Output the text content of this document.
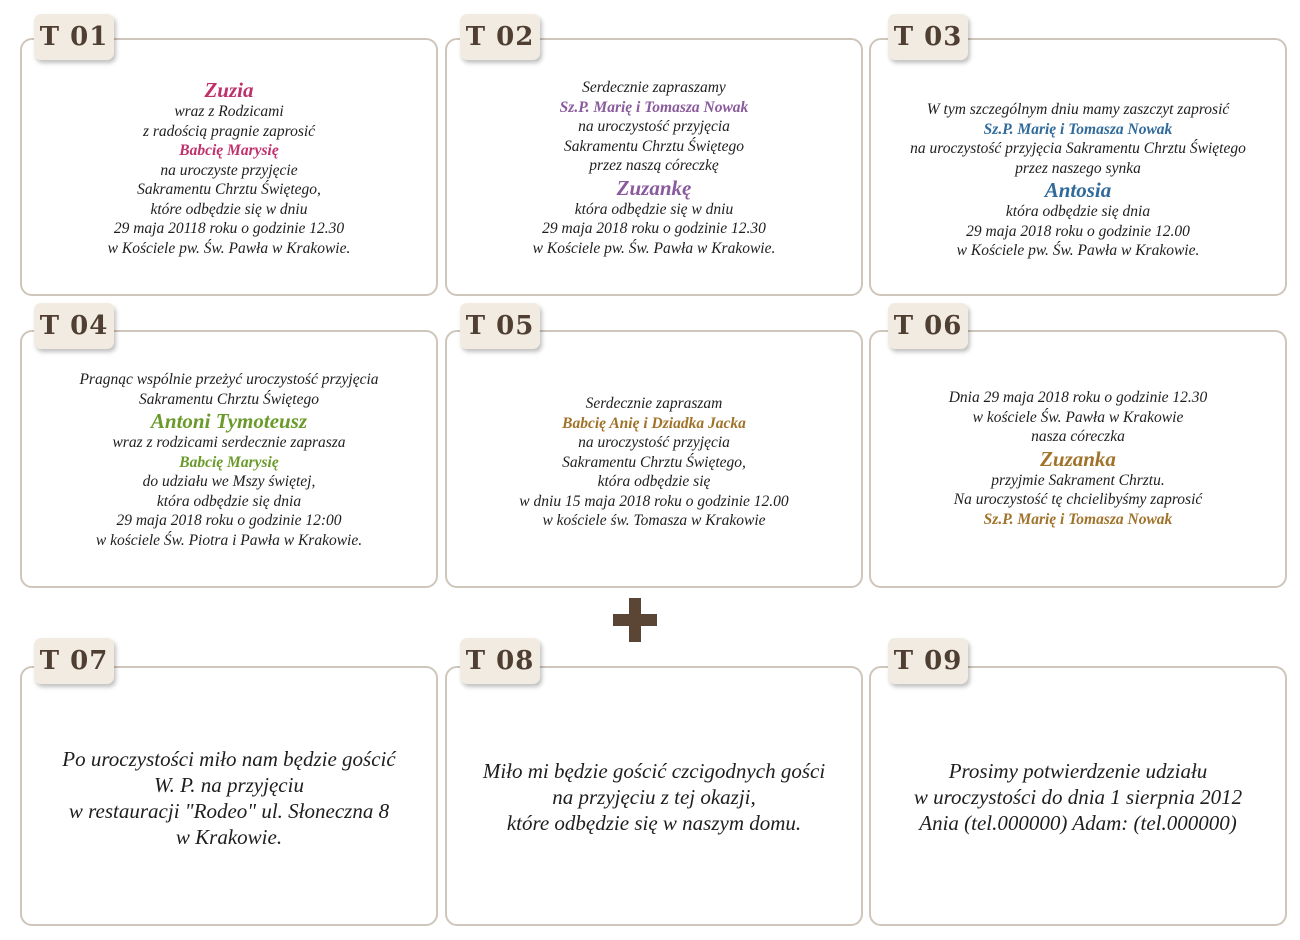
Zuzia
wraz z Rodzicami
z radością pragnie zaprosić
Babcię Marysię
na uroczyste przyjęcie
Sakramentu Chrztu Świętego,
które odbędzie się w dniu
29 maja 20118 roku o godzinie 12.30
w Kościele pw. Św. Pawła w Krakowie.
T 01
Serdecznie zapraszamy
Sz.P. Marię i Tomasza Nowak
na uroczystość przyjęcia
Sakramentu Chrztu Świętego
przez naszą córeczkę
Zuzankę
która odbędzie się w dniu
29 maja 2018 roku o godzinie 12.30
w Kościele pw. Św. Pawła w Krakowie.
T 02
W tym szczególnym dniu mamy zaszczyt zaprosić
Sz.P. Marię i Tomasza Nowak
na uroczystość przyjęcia Sakramentu Chrztu Świętego
przez naszego synka
Antosia
która odbędzie się dnia
29 maja 2018 roku o godzinie 12.00
w Kościele pw. Św. Pawła w Krakowie.
T 03
Pragnąc wspólnie przeżyć uroczystość przyjęcia
Sakramentu Chrztu Świętego
Antoni Tymoteusz
wraz z rodzicami serdecznie zaprasza
Babcię Marysię
do udziału we Mszy świętej,
która odbędzie się dnia
29 maja 2018 roku o godzinie 12:00
w kościele Św. Piotra i Pawła w Krakowie.
T 04
Serdecznie zapraszam
Babcię Anię i Dziadka Jacka
na uroczystość przyjęcia
Sakramentu Chrztu Świętego,
która odbędzie się
w dniu 15 maja 2018 roku o godzinie 12.00
w kościele św. Tomasza w Krakowie
T 05
Dnia 29 maja 2018 roku o godzinie 12.30
w kościele Św. Pawła w Krakowie
nasza córeczka
Zuzanka
przyjmie Sakrament Chrztu.
Na uroczystość tę chcielibyśmy zaprosić
Sz.P. Marię i Tomasza Nowak
T 06
Po uroczystości miło nam będzie gościć
W. P. na przyjęciu
w restauracji "Rodeo" ul. Słoneczna 8
w Krakowie.
T 07
Miło mi będzie gościć czcigodnych gości
na przyjęciu z tej okazji,
które odbędzie się w naszym domu.
T 08
Prosimy potwierdzenie udziału
w uroczystości do dnia 1 sierpnia 2012
Ania (tel.000000) Adam: (tel.000000)
T 09
